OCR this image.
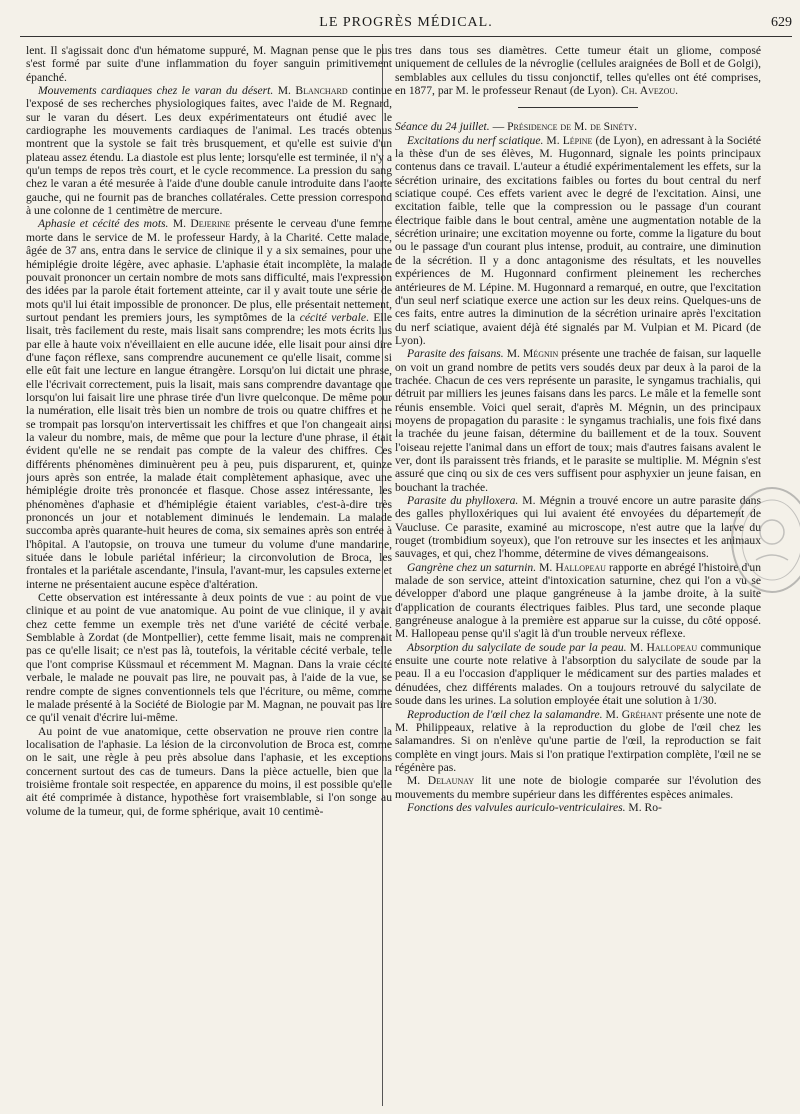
LE PROGRÈS MÉDICAL.	629

lent. Il s'agissait donc d'un hématome suppuré, M. Magnan pense que le pus s'est formé par suite d'une inflammation du foyer sanguin primitivement épanché.

Mouvements cardiaques chez le varan du désert. M. Blanchard continue l'exposé de ses recherches physiologiques faites, avec l'aide de M. Regnard, sur le varan du désert. Les deux expérimentateurs ont étudié avec le cardiographe les mouvements cardiaques de l'animal. Les tracés obtenus montrent que la systole se fait très brusquement, et qu'elle est suivie d'un plateau assez étendu. La diastole est plus lente; lorsqu'elle est terminée, il n'y a qu'un temps de repos très court, et le cycle recommence. La pression du sang chez le varan a été mesurée à l'aide d'une double canule introduite dans l'aorte gauche, qui ne fournit pas de branches collatérales. Cette pression correspond à une colonne de 1 centimètre de mercure.

Aphasie et cécité des mots. M. Dejerine présente le cerveau d'une femme morte dans le service de M. le professeur Hardy, à la Charité. Cette malade, âgée de 37 ans, entra dans le service de clinique il y a six semaines, pour une hémiplégie droite légère, avec aphasie. L'aphasie était incomplète, la malade pouvait prononcer un certain nombre de mots sans difficulté, mais l'expression des idées par la parole était fortement atteinte, car il y avait toute une série de mots qu'il lui était impossible de prononcer. De plus, elle présentait nettement, surtout pendant les premiers jours, les symptômes de la cécité verbale. Elle lisait, très facilement du reste, mais lisait sans comprendre; les mots écrits lus par elle à haute voix n'éveillaient en elle aucune idée, elle lisait pour ainsi dire d'une façon réflexe, sans comprendre aucunement ce qu'elle lisait, comme si elle eût fait une lecture en langue étrangère. Lorsqu'on lui dictait une phrase, elle l'écrivait correctement, puis la lisait, mais sans comprendre davantage que lorsqu'on lui faisait lire une phrase tirée d'un livre quelconque. De même pour la numération, elle lisait très bien un nombre de trois ou quatre chiffres et ne se trompait pas lorsqu'on intervertissait les chiffres et que l'on changeait ainsi la valeur du nombre, mais, de même que pour la lecture d'une phrase, il était évident qu'elle ne se rendait pas compte de la valeur des chiffres. Ces différents phénomènes diminuèrent peu à peu, puis disparurent, et, quinze jours après son entrée, la malade était complètement aphasique, avec une hémiplégie droite très prononcée et flasque. Chose assez intéressante, les phénomènes d'aphasie et d'hémiplégie étaient variables, c'est-à-dire très prononcés un jour et notablement diminués le lendemain. La malade succomba après quarante-huit heures de coma, six semaines après son entrée à l'hôpital. A l'autopsie, on trouva une tumeur du volume d'une mandarine, située dans le lobule pariétal inférieur; la circonvolution de Broca, les frontales et la pariétale ascendante, l'insula, l'avant-mur, les capsules externe et interne ne présentaient aucune espèce d'altération.

Cette observation est intéressante à deux points de vue : au point de vue clinique et au point de vue anatomique. Au point de vue clinique, il y avait chez cette femme un exemple très net d'une variété de cécité verbale. Semblable à Zordat (de Montpellier), cette femme lisait, mais ne comprenait pas ce qu'elle lisait; ce n'est pas là, toutefois, la véritable cécité verbale, telle que l'ont comprise Küssmaul et récemment M. Magnan. Dans la vraie cécité verbale, le malade ne pouvait pas lire, ne pouvait pas, à l'aide de la vue, se rendre compte de signes conventionnels tels que l'écriture, ou même, comme le malade présenté à la Société de Biologie par M. Magnan, ne pouvait pas lire ce qu'il venait d'écrire lui-même.

Au point de vue anatomique, cette observation ne prouve rien contre la localisation de l'aphasie. La lésion de la circonvolution de Broca est, comme on le sait, une règle à peu près absolue dans l'aphasie, et les exceptions concernent surtout des cas de tumeurs. Dans la pièce actuelle, bien que la troisième frontale soit respectée, en apparence du moins, il est possible qu'elle ait été comprimée à distance, hypothèse fort vraisemblable, si l'on songe au volume de la tumeur, qui, de forme sphérique, avait 10 centimè-

tres dans tous ses diamètres. Cette tumeur était un gliome, composé uniquement de cellules de la névroglie (cellules araignées de Boll et de Golgi), semblables aux cellules du tissu conjonctif, telles qu'elles ont été comprises, en 1877, par M. le professeur Renaut (de Lyon). Ch. Avezou.

Séance du 24 juillet. — Présidence de M. de Sinéty.

Excitations du nerf sciatique. M. Lépine (de Lyon), en adressant à la Société la thèse d'un de ses élèves, M. Hugonnard, signale les points principaux contenus dans ce travail. L'auteur a étudié expérimentalement les effets, sur la sécrétion urinaire, des excitations faibles ou fortes du bout central du nerf sciatique coupé. Ces effets varient avec le degré de l'excitation. Ainsi, une excitation faible, telle que la compression ou le passage d'un courant électrique faible dans le bout central, amène une augmentation notable de la sécrétion urinaire; une excitation moyenne ou forte, comme la ligature du bout ou le passage d'un courant plus intense, produit, au contraire, une diminution de la sécrétion. Il y a donc antagonisme des résultats, et les nouvelles expériences de M. Hugonnard confirment pleinement les recherches antérieures de M. Lépine. M. Hugonnard a remarqué, en outre, que l'excitation d'un seul nerf sciatique exerce une action sur les deux reins. Quelques-uns de ces faits, entre autres la diminution de la sécrétion urinaire après l'excitation du nerf sciatique, avaient déjà été signalés par M. Vulpian et M. Picard (de Lyon).

Parasite des faisans. M. Mégnin présente une trachée de faisan, sur laquelle on voit un grand nombre de petits vers soudés deux par deux à la paroi de la trachée. Chacun de ces vers représente un parasite, le syngamus trachialis, qui détruit par milliers les jeunes faisans dans les parcs. Le mâle et la femelle sont réunis ensemble. Voici quel serait, d'après M. Mégnin, un des principaux moyens de propagation du parasite : le syngamus trachialis, une fois fixé dans la trachée du jeune faisan, détermine du baillement et de la toux. Souvent l'oiseau rejette l'animal dans un effort de toux; mais d'autres faisans avalent le ver, dont ils paraissent très friands, et le parasite se multiplie. M. Mégnin s'est assuré que cinq ou six de ces vers suffisent pour asphyxier un jeune faisan, en bouchant la trachée.

Parasite du phylloxera. M. Mégnin a trouvé encore un autre parasite dans des galles phylloxériques qui lui avaient été envoyées du département de Vaucluse. Ce parasite, examiné au microscope, n'est autre que la larve du rouget (trombidium soyeux), que l'on retrouve sur les insectes et les animaux sauvages, et qui, chez l'homme, détermine de vives démangeaisons.

Gangrène chez un saturnin. M. Hallopeau rapporte en abrégé l'histoire d'un malade de son service, atteint d'intoxication saturnine, chez qui l'on a vu se développer d'abord une plaque gangréneuse à la jambe droite, à la suite d'application de courants électriques faibles. Plus tard, une seconde plaque gangréneuse analogue à la première est apparue sur la cuisse, du côté opposé. M. Hallopeau pense qu'il s'agit là d'un trouble nerveux réflexe.

Absorption du salycilate de soude par la peau. M. Hallopeau communique ensuite une courte note relative à l'absorption du salycilate de soude par la peau. Il a eu l'occasion d'appliquer le médicament sur des parties malades et dénudées, chez différents malades. On a toujours retrouvé du salycilate de soude dans les urines. La solution employée était une solution à 1/30.

Reproduction de l'œil chez la salamandre. M. Gréhant présente une note de M. Philippeaux, relative à la reproduction du globe de l'œil chez les salamandres. Si on n'enlève qu'une partie de l'œil, la reproduction se fait complète en vingt jours. Mais si l'on pratique l'extirpation complète, l'œil ne se régénère pas.

M. Delaunay lit une note de biologie comparée sur l'évolution des mouvements du membre supérieur dans les différentes espèces animales.

Fonctions des valvules auriculo-ventriculaires. M. Ro-
